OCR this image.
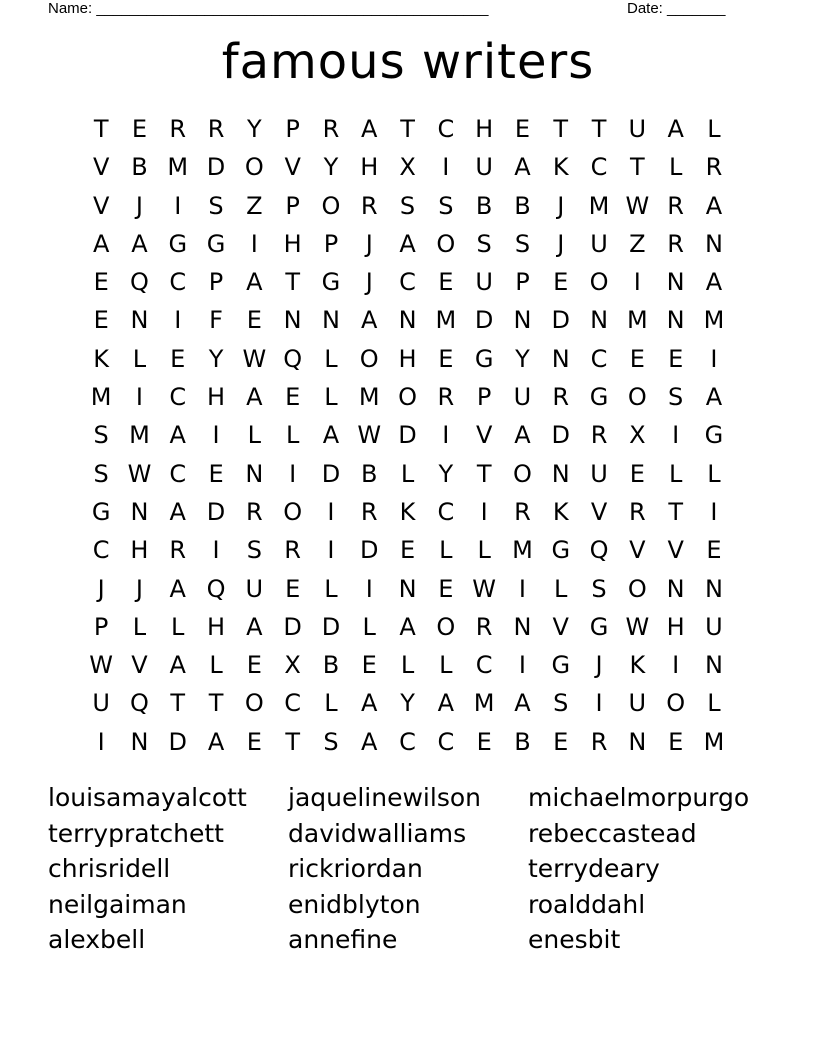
Name: _______________________________________________	Date: _______
famous writers
T E R R Y P R A T C H E T T U A L
V B M D O V Y H X	I	U A K C T	L R
V	J	I	S Z P O R S S B B	J	M W R A
A A G G	I	H P	J	A O S S	J	U Z R N
E Q C P A T G	J	C E U P E O	I	N A
E N	I	F E N N A N M D N D N M N M
K L	E Y W Q L O H E G Y N C E E	I
M	I	C H A E	L M O R P U R G O S A
S M A	I	L	L A W D	I	V A D R X	I	G
S W C E N	I	D B L	Y T O N U E	L	L
G N A D R O	I	R K C	I	R K V R T	I
C H R	I	S R	I	D E	L	L M G Q V V E
J	J	A Q U E	L	I	N E W I	L	S O N N
P	L	L H A D D L A O R N V G W H U
W V A L	E X B E	L	L C	I	G	J	K	I	N
U Q T T O C L A Y A M A S	I	U O L
I	N D A E T S A C C E B E R N E M
louisamayalcott
terrypratchett
chrisridell
neilgaiman
alexbell
jaquelinewilson
davidwalliams
rickriordan
enidblyton
annefine
michaelmorpurgo
rebeccastead
terrydeary
roalddahl
enesbit
